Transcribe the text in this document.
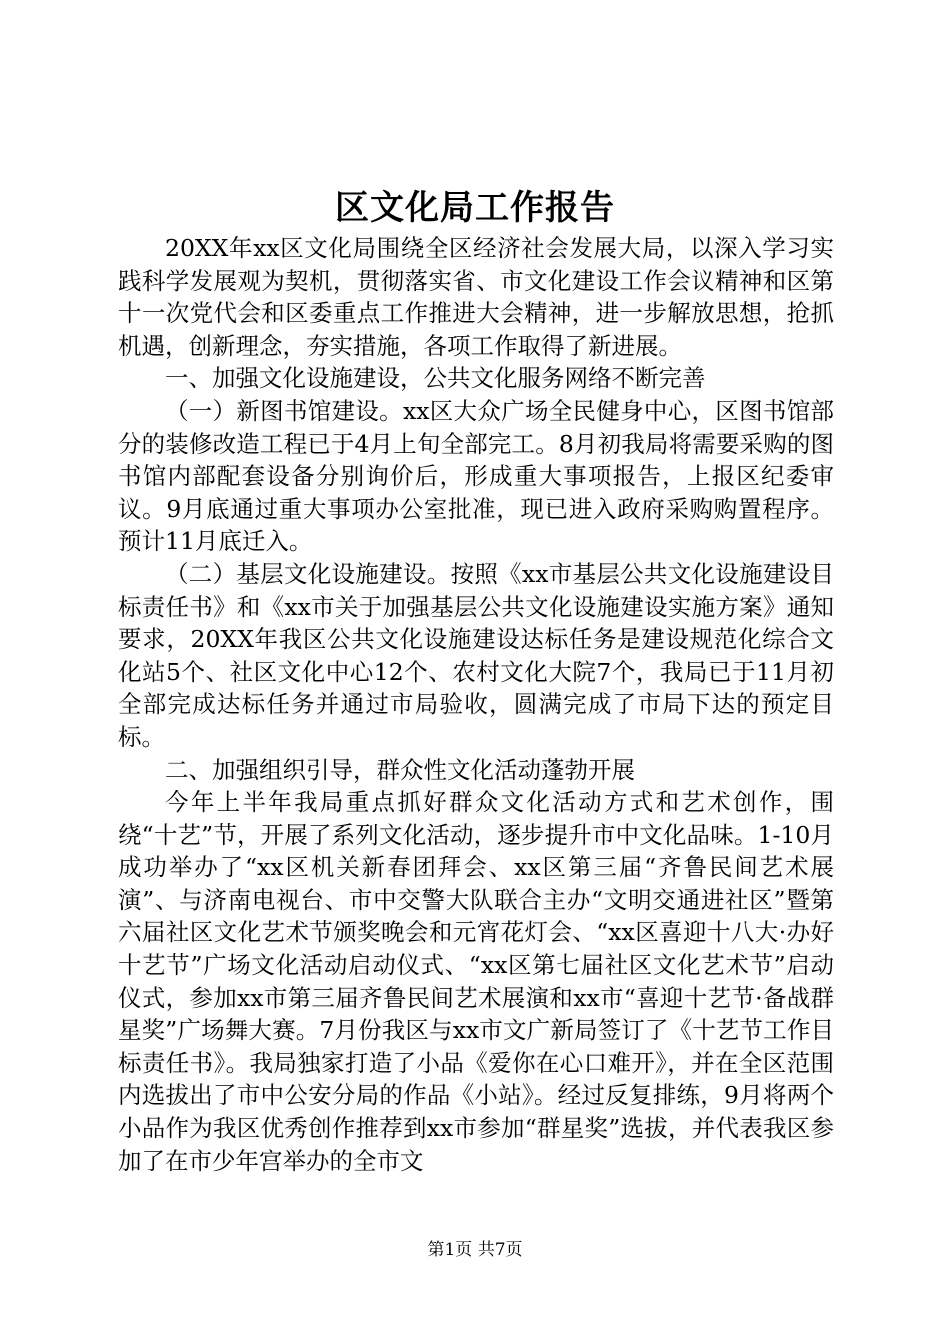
区文化局工作报告

20XX年xx区文化局围绕全区经济社会发展大局，以深入学习实践科学发展观为契机，贯彻落实省、市文化建设工作会议精神和区第十一次党代会和区委重点工作推进大会精神，进一步解放思想，抢抓机遇，创新理念，夯实措施，各项工作取得了新进展。

一、加强文化设施建设，公共文化服务网络不断完善

（一）新图书馆建设。xx区大众广场全民健身中心，区图书馆部分的装修改造工程已于4月上旬全部完工。8月初我局将需要采购的图书馆内部配套设备分别询价后，形成重大事项报告，上报区纪委审议。9月底通过重大事项办公室批准，现已进入政府采购购置程序。预计11月底迁入。

（二）基层文化设施建设。按照《xx市基层公共文化设施建设目标责任书》和《xx市关于加强基层公共文化设施建设实施方案》通知要求，20XX年我区公共文化设施建设达标任务是建设规范化综合文化站5个、社区文化中心12个、农村文化大院7个，我局已于11月初全部完成达标任务并通过市局验收，圆满完成了市局下达的预定目标。

二、加强组织引导，群众性文化活动蓬勃开展

今年上半年我局重点抓好群众文化活动方式和艺术创作，围绕“十艺”节，开展了系列文化活动，逐步提升市中文化品味。1-10月成功举办了“xx区机关新春团拜会、xx区第三届“齐鲁民间艺术展演”、与济南电视台、市中交警大队联合主办“文明交通进社区”暨第六届社区文化艺术节颁奖晚会和元宵花灯会、“xx区喜迎十八大·办好十艺节”广场文化活动启动仪式、“xx区第七届社区文化艺术节”启动仪式，参加xx市第三届齐鲁民间艺术展演和xx市“喜迎十艺节·备战群星奖”广场舞大赛。7月份我区与xx市文广新局签订了《十艺节工作目标责任书》。我局独家打造了小品《爱你在心口难开》，并在全区范围内选拔出了市中公安分局的作品《小站》。经过反复排练，9月将两个小品作为我区优秀创作推荐到xx市参加“群星奖”选拔，并代表我区参加了在市少年宫举办的全市文

第1页 共7页
